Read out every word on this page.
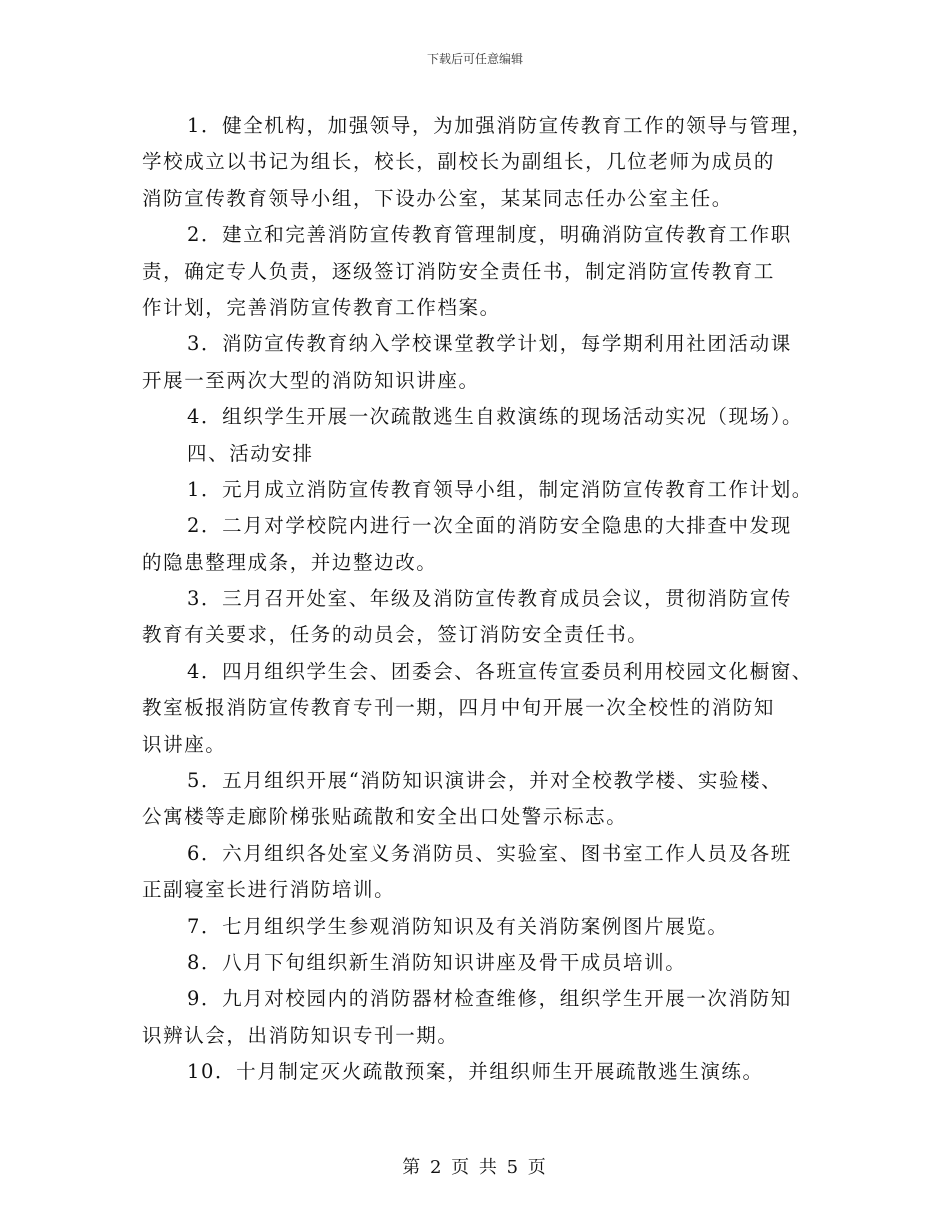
下载后可任意编辑
1．健全机构，加强领导，为加强消防宣传教育工作的领导与管理，
学校成立以书记为组长，校长，副校长为副组长，几位老师为成员的
消防宣传教育领导小组，下设办公室，某某同志任办公室主任。
2．建立和完善消防宣传教育管理制度，明确消防宣传教育工作职
责，确定专人负责，逐级签订消防安全责任书，制定消防宣传教育工
作计划，完善消防宣传教育工作档案。
3．消防宣传教育纳入学校课堂教学计划，每学期利用社团活动课
开展一至两次大型的消防知识讲座。
4．组织学生开展一次疏散逃生自救演练的现场活动实况（现场）。
四、活动安排
1．元月成立消防宣传教育领导小组，制定消防宣传教育工作计划。
2．二月对学校院内进行一次全面的消防安全隐患的大排查中发现
的隐患整理成条，并边整边改。
3．三月召开处室、年级及消防宣传教育成员会议，贯彻消防宣传
教育有关要求，任务的动员会，签订消防安全责任书。
4．四月组织学生会、团委会、各班宣传宣委员利用校园文化橱窗、
教室板报消防宣传教育专刊一期，四月中旬开展一次全校性的消防知
识讲座。
5．五月组织开展“消防知识演讲会，并对全校教学楼、实验楼、
公寓楼等走廊阶梯张贴疏散和安全出口处警示标志。
6．六月组织各处室义务消防员、实验室、图书室工作人员及各班
正副寝室长进行消防培训。
7．七月组织学生参观消防知识及有关消防案例图片展览。
8．八月下旬组织新生消防知识讲座及骨干成员培训。
9．九月对校园内的消防器材检查维修，组织学生开展一次消防知
识辨认会，出消防知识专刊一期。
10．十月制定灭火疏散预案，并组织师生开展疏散逃生演练。
第 2 页 共 5 页
